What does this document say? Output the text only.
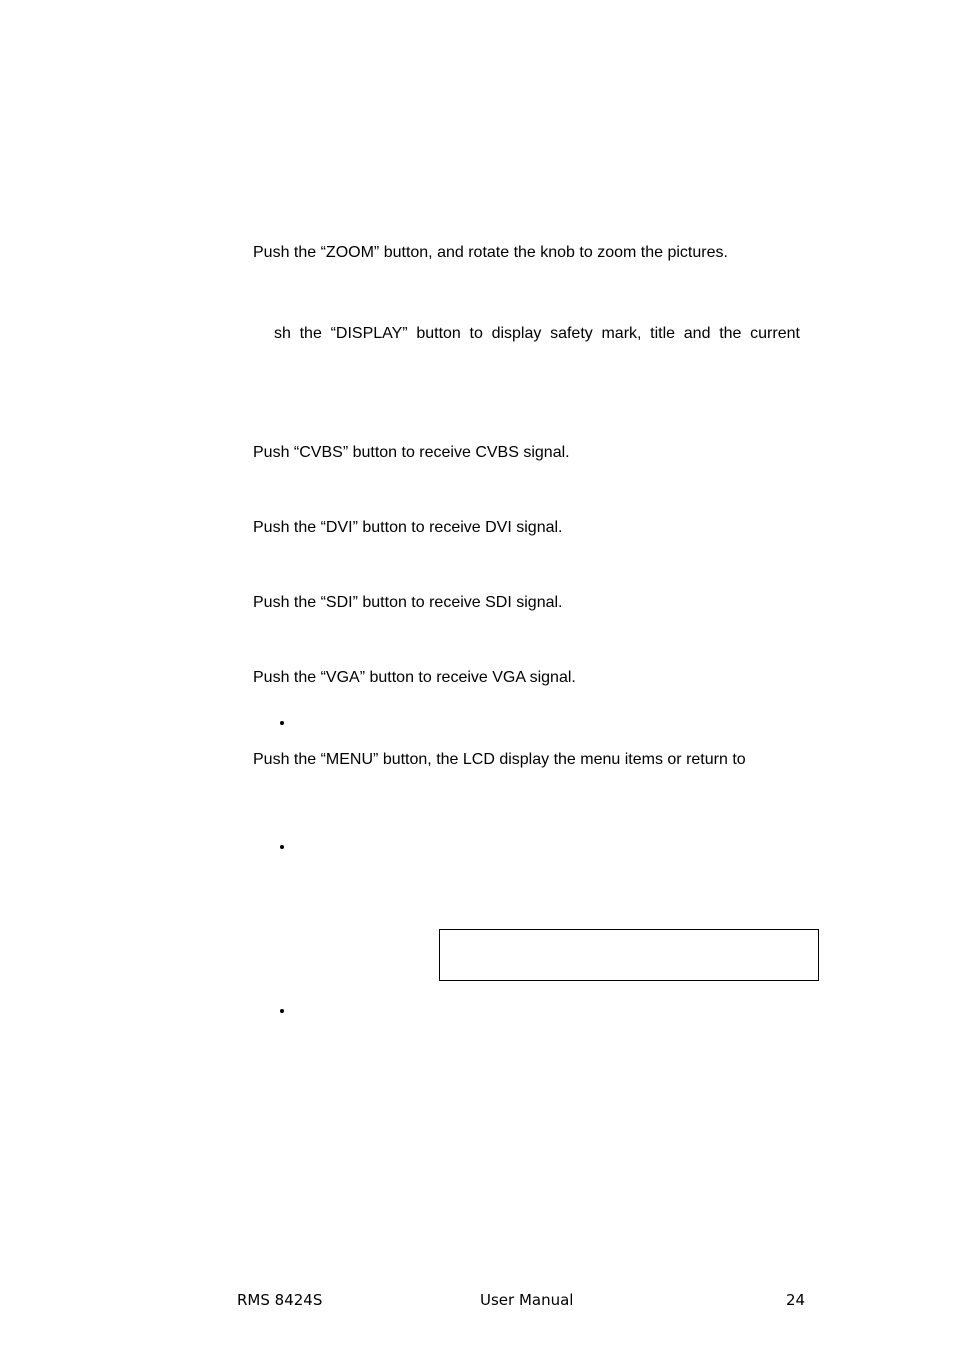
Push the “ZOOM” button, and rotate the knob to zoom the pictures.
sh the “DISPLAY” button to display safety mark, title and the current
Push “CVBS” button to receive CVBS signal.
Push the “DVI” button to receive DVI signal.
Push the “SDI” button to receive SDI signal.
Push the “VGA” button to receive VGA signal.
Push the “MENU” button, the LCD display the menu items or return to
RMS 8424S	User Manual	24
